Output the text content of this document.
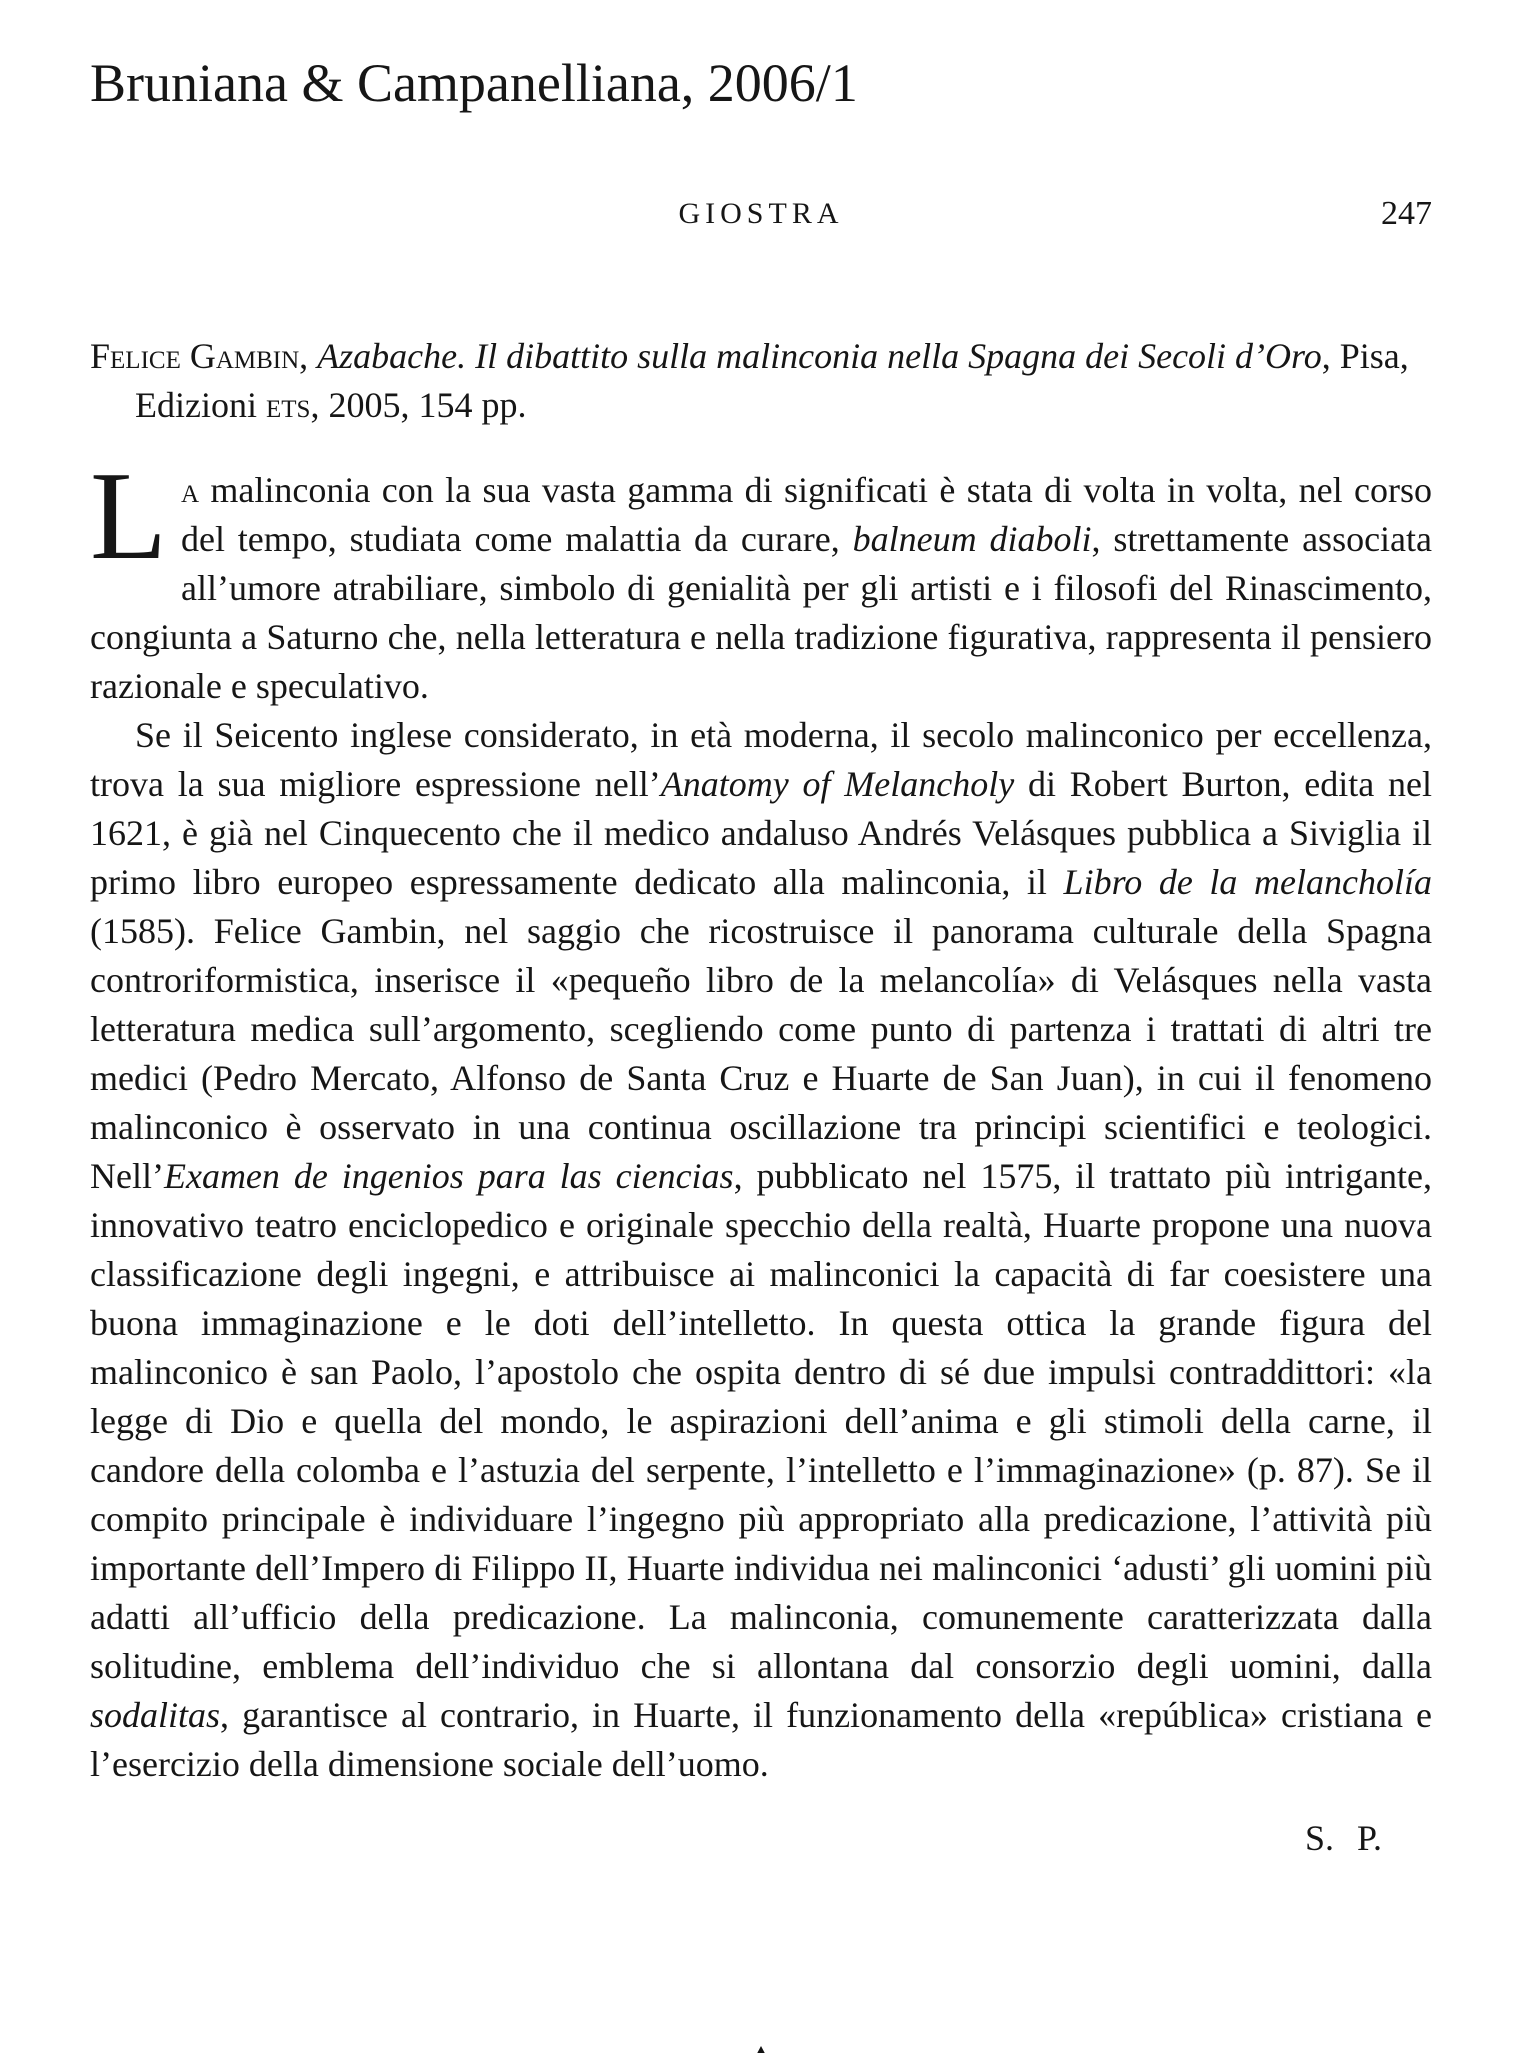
Bruniana & Campanelliana, 2006/1
GIOSTRA	247

Felice Gambin, Azabache. Il dibattito sulla malinconia nella Spagna dei Secoli d’Oro, Pisa, Edizioni ets, 2005, 154 pp.

La malinconia con la sua vasta gamma di significati è stata di volta in volta, nel corso del tempo, studiata come malattia da curare, balneum diaboli, strettamente associata all’umore atrabiliare, simbolo di genialità per gli artisti e i filosofi del Rinascimento, congiunta a Saturno che, nella letteratura e nella tradizione figurativa, rappresenta il pensiero razionale e speculativo.

Se il Seicento inglese considerato, in età moderna, il secolo malinconico per eccellenza, trova la sua migliore espressione nell’Anatomy of Melancholy di Robert Burton, edita nel 1621, è già nel Cinquecento che il medico andaluso Andrés Velásques pubblica a Siviglia il primo libro europeo espressamente dedicato alla malinconia, il Libro de la melancholía (1585). Felice Gambin, nel saggio che ricostruisce il panorama culturale della Spagna controriformistica, inserisce il «pequeño libro de la melancolía» di Velásques nella vasta letteratura medica sull’argomento, scegliendo come punto di partenza i trattati di altri tre medici (Pedro Mercato, Alfonso de Santa Cruz e Huarte de San Juan), in cui il fenomeno malinconico è osservato in una continua oscillazione tra principi scientifici e teologici. Nell’Examen de ingenios para las ciencias, pubblicato nel 1575, il trattato più intrigante, innovativo teatro enciclopedico e originale specchio della realtà, Huarte propone una nuova classificazione degli ingegni, e attribuisce ai malinconici la capacità di far coesistere una buona immaginazione e le doti dell’intelletto. In questa ottica la grande figura del malinconico è san Paolo, l’apostolo che ospita dentro di sé due impulsi contraddittori: «la legge di Dio e quella del mondo, le aspirazioni dell’anima e gli stimoli della carne, il candore della colomba e l’astuzia del serpente, l’intelletto e l’immaginazione» (p. 87). Se il compito principale è individuare l’ingegno più appropriato alla predicazione, l’attività più importante dell’Impero di Filippo II, Huarte individua nei malinconici ‘adusti’ gli uomini più adatti all’ufficio della predicazione. La malinconia, comunemente caratterizzata dalla solitudine, emblema dell’individuo che si allontana dal consorzio degli uomini, dalla sodalitas, garantisce al contrario, in Huarte, il funzionamento della «república» cristiana e l’esercizio della dimensione sociale dell’uomo.

S. P.
